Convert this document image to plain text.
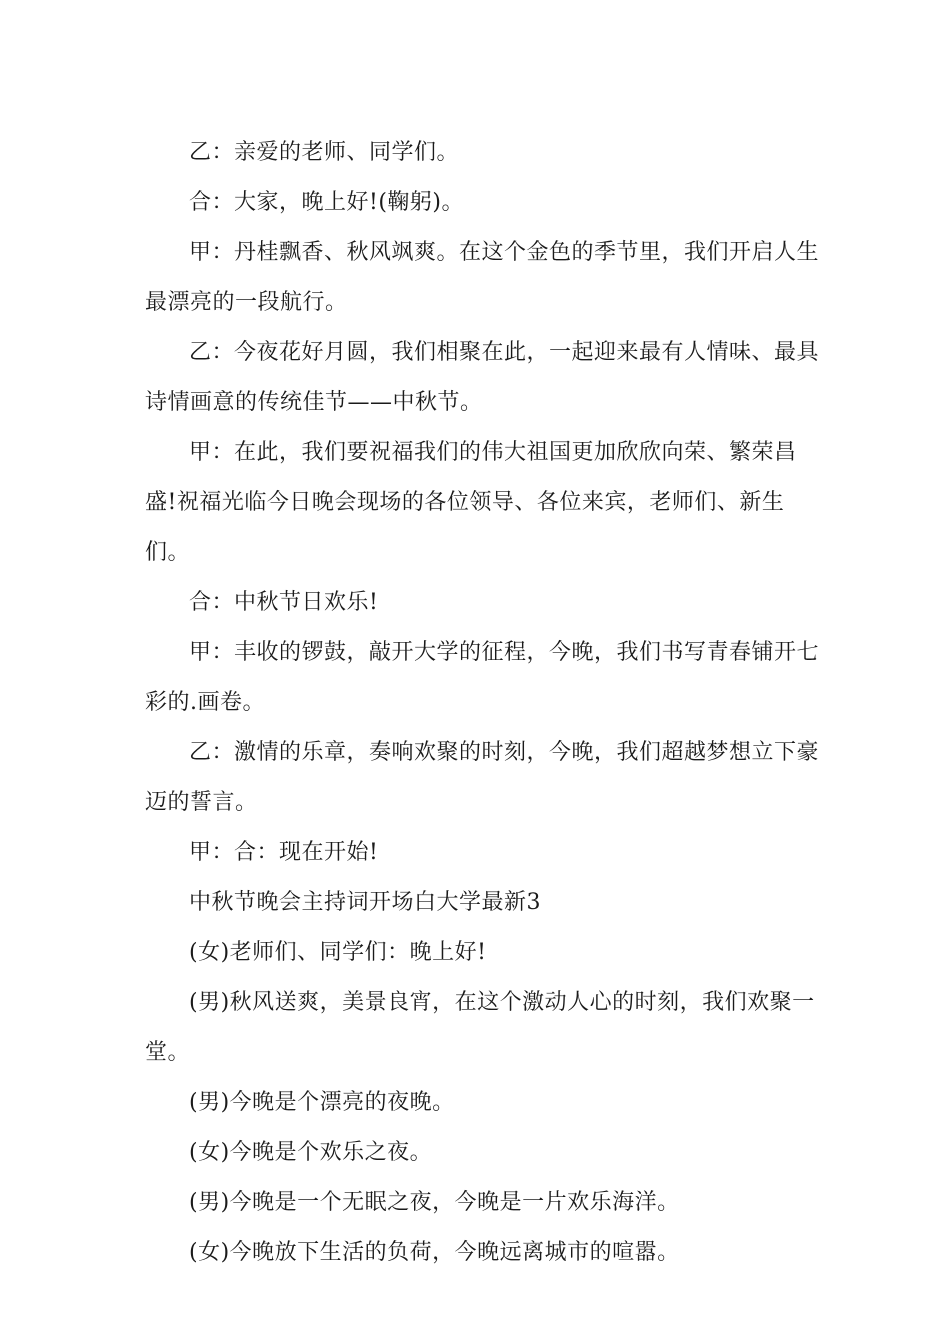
乙：亲爱的老师、同学们。

合：大家，晚上好!(鞠躬)。

甲：丹桂飘香、秋风飒爽。在这个金色的季节里，我们开启人生最漂亮的一段航行。

乙：今夜花好月圆，我们相聚在此，一起迎来最有人情味、最具诗情画意的传统佳节——中秋节。

甲：在此，我们要祝福我们的伟大祖国更加欣欣向荣、繁荣昌盛!祝福光临今日晚会现场的各位领导、各位来宾，老师们、新生们。

合：中秋节日欢乐!

甲：丰收的锣鼓，敲开大学的征程，今晚，我们书写青春铺开七彩的.画卷。

乙：激情的乐章，奏响欢聚的时刻，今晚，我们超越梦想立下豪迈的誓言。

甲：合：现在开始!

中秋节晚会主持词开场白大学最新3

(女)老师们、同学们：晚上好!

(男)秋风送爽，美景良宵，在这个激动人心的时刻，我们欢聚一堂。

(男)今晚是个漂亮的夜晚。

(女)今晚是个欢乐之夜。

(男)今晚是一个无眠之夜，今晚是一片欢乐海洋。

(女)今晚放下生活的负荷，今晚远离城市的喧嚣。
